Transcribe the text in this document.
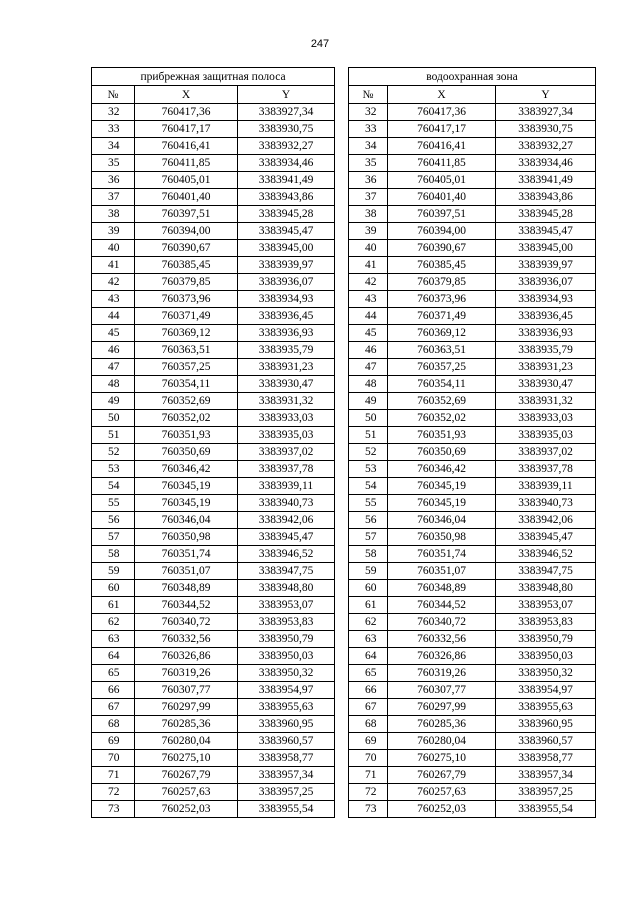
247
прибрежная защитная полоса				водоохранная зона		
№	X	Y		№	X	Y
32	760417,36	3383927,34		32	760417,36	3383927,34
33	760417,17	3383930,75		33	760417,17	3383930,75
34	760416,41	3383932,27		34	760416,41	3383932,27
35	760411,85	3383934,46		35	760411,85	3383934,46
36	760405,01	3383941,49		36	760405,01	3383941,49
37	760401,40	3383943,86		37	760401,40	3383943,86
38	760397,51	3383945,28		38	760397,51	3383945,28
39	760394,00	3383945,47		39	760394,00	3383945,47
40	760390,67	3383945,00		40	760390,67	3383945,00
41	760385,45	3383939,97		41	760385,45	3383939,97
42	760379,85	3383936,07		42	760379,85	3383936,07
43	760373,96	3383934,93		43	760373,96	3383934,93
44	760371,49	3383936,45		44	760371,49	3383936,45
45	760369,12	3383936,93		45	760369,12	3383936,93
46	760363,51	3383935,79		46	760363,51	3383935,79
47	760357,25	3383931,23		47	760357,25	3383931,23
48	760354,11	3383930,47		48	760354,11	3383930,47
49	760352,69	3383931,32		49	760352,69	3383931,32
50	760352,02	3383933,03		50	760352,02	3383933,03
51	760351,93	3383935,03		51	760351,93	3383935,03
52	760350,69	3383937,02		52	760350,69	3383937,02
53	760346,42	3383937,78		53	760346,42	3383937,78
54	760345,19	3383939,11		54	760345,19	3383939,11
55	760345,19	3383940,73		55	760345,19	3383940,73
56	760346,04	3383942,06		56	760346,04	3383942,06
57	760350,98	3383945,47		57	760350,98	3383945,47
58	760351,74	3383946,52		58	760351,74	3383946,52
59	760351,07	3383947,75		59	760351,07	3383947,75
60	760348,89	3383948,80		60	760348,89	3383948,80
61	760344,52	3383953,07		61	760344,52	3383953,07
62	760340,72	3383953,83		62	760340,72	3383953,83
63	760332,56	3383950,79		63	760332,56	3383950,79
64	760326,86	3383950,03		64	760326,86	3383950,03
65	760319,26	3383950,32		65	760319,26	3383950,32
66	760307,77	3383954,97		66	760307,77	3383954,97
67	760297,99	3383955,63		67	760297,99	3383955,63
68	760285,36	3383960,95		68	760285,36	3383960,95
69	760280,04	3383960,57		69	760280,04	3383960,57
70	760275,10	3383958,77		70	760275,10	3383958,77
71	760267,79	3383957,34		71	760267,79	3383957,34
72	760257,63	3383957,25		72	760257,63	3383957,25
73	760252,03	3383955,54		73	760252,03	3383955,54
